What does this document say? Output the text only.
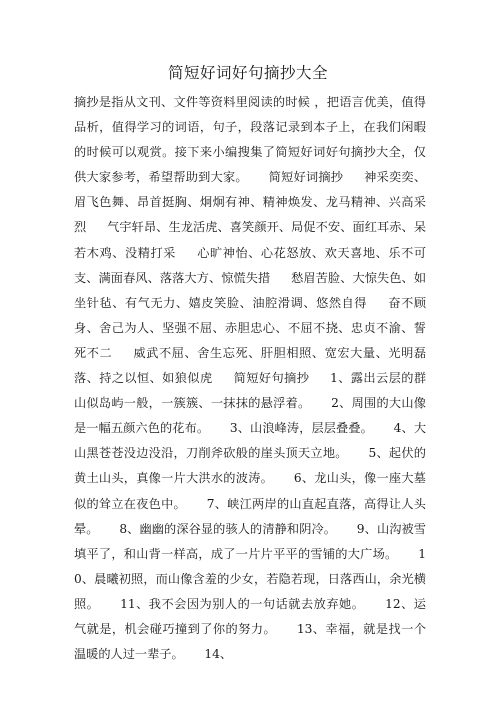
简短好词好句摘抄大全

摘抄是指从文刊、文件等资料里阅读的时候 ，把语言优美，值得品析，值得学习的词语，句子，段落记录到本子上，在我们闲暇的时候可以观赏。接下来小编搜集了简短好词好句摘抄大全，仅供大家参考，希望帮助到大家。 简短好词摘抄 神采奕奕、眉飞色舞、昂首挺胸、炯炯有神、精神焕发、龙马精神、兴高采烈 气宇轩昂、生龙活虎、喜笑颜开、局促不安、面红耳赤、呆若木鸡、没精打采 心旷神怡、心花怒放、欢天喜地、乐不可支、满面春风、落落大方、惊慌失措 愁眉苦脸、大惊失色、如坐针毡、有气无力、嬉皮笑脸、油腔滑调、悠然自得 奋不顾身、舍己为人、坚强不屈、赤胆忠心、不屈不挠、忠贞不渝、誓死不二 威武不屈、舍生忘死、肝胆相照、宽宏大量、光明磊落、持之以恒、如狼似虎 简短好句摘抄 1、露出云层的群山似岛屿一般，一簇簇、一抹抹的悬浮着。 2、周围的大山像是一幅五颜六色的花布。 3、山浪峰涛，层层叠叠。 4、大山黑苍苍没边没沿，刀削斧砍般的崖头顶天立地。 5、起伏的黄土山头，真像一片大洪水的波涛。 6、龙山头，像一座大墓似的耸立在夜色中。 7、峡江两岸的山直起直落，高得让人头晕。 8、幽幽的深谷显的骇人的清静和阴冷。 9、山沟被雪填平了，和山背一样高，成了一片片平平的雪铺的大广场。 10、晨曦初照，而山像含羞的少女，若隐若现，日落西山，余光横照。 11、我不会因为别人的一句话就去放弃她。 12、运气就是，机会碰巧撞到了你的努力。 13、幸福，就是找一个温暖的人过一辈子。 14、
